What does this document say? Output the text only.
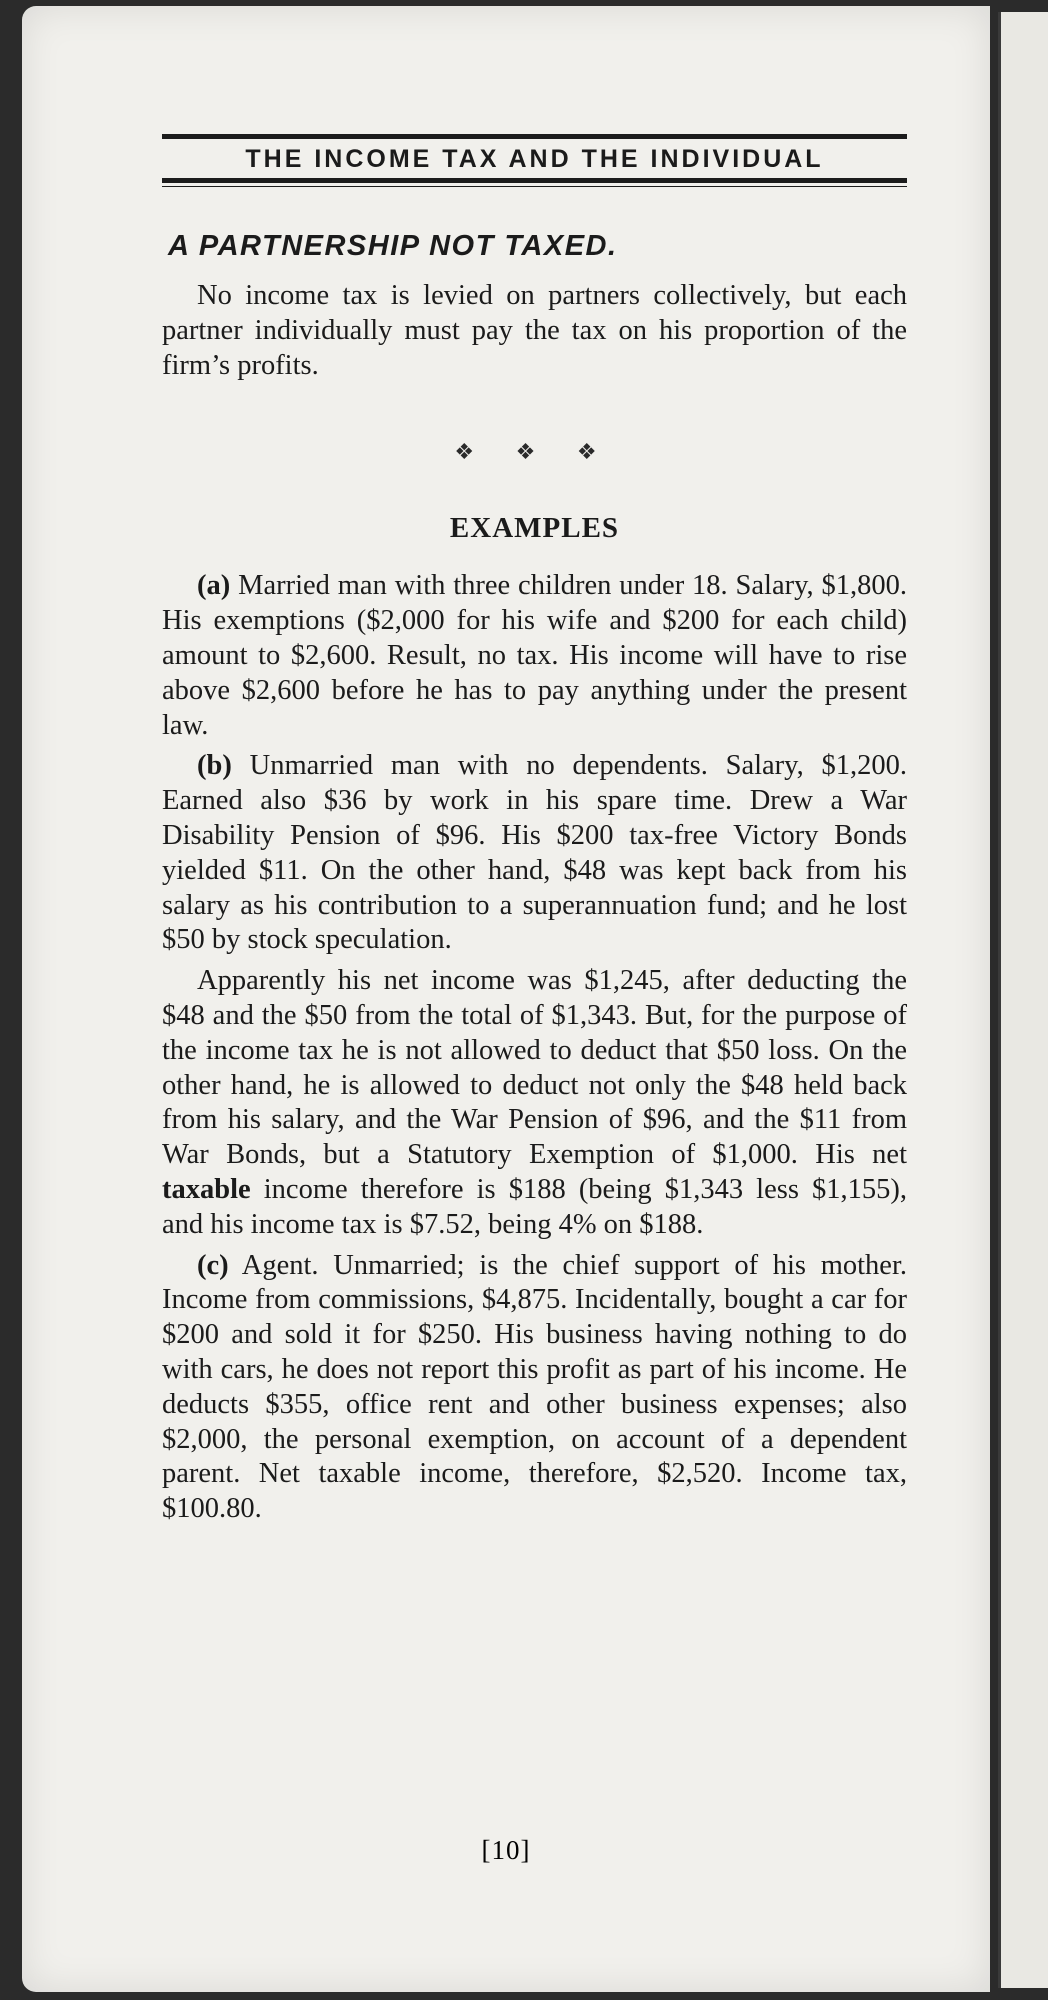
THE INCOME TAX AND THE INDIVIDUAL
A PARTNERSHIP NOT TAXED.

No income tax is levied on partners collectively, but each partner individually must pay the tax on his proportion of the firm’s profits.

❖ ❖ ❖
EXAMPLES

(a) Married man with three children under 18. Salary, $1,800. His exemptions ($2,000 for his wife and $200 for each child) amount to $2,600. Result, no tax. His income will have to rise above $2,600 before he has to pay anything under the present law.

(b) Unmarried man with no dependents. Salary, $1,200. Earned also $36 by work in his spare time. Drew a War Disability Pension of $96. His $200 tax-free Victory Bonds yielded $11. On the other hand, $48 was kept back from his salary as his contribution to a superannuation fund; and he lost $50 by stock speculation.

Apparently his net income was $1,245, after deducting the $48 and the $50 from the total of $1,343. But, for the purpose of the income tax he is not allowed to deduct that $50 loss. On the other hand, he is allowed to deduct not only the $48 held back from his salary, and the War Pension of $96, and the $11 from War Bonds, but a Statutory Exemption of $1,000. His net taxable income therefore is $188 (being $1,343 less $1,155), and his income tax is $7.52, being 4% on $188.

(c) Agent. Unmarried; is the chief support of his mother. Income from commissions, $4,875. Incidentally, bought a car for $200 and sold it for $250. His business having nothing to do with cars, he does not report this profit as part of his income. He deducts $355, office rent and other business expenses; also $2,000, the personal exemption, on account of a dependent parent. Net taxable income, therefore, $2,520. Income tax, $100.80.

[10]
